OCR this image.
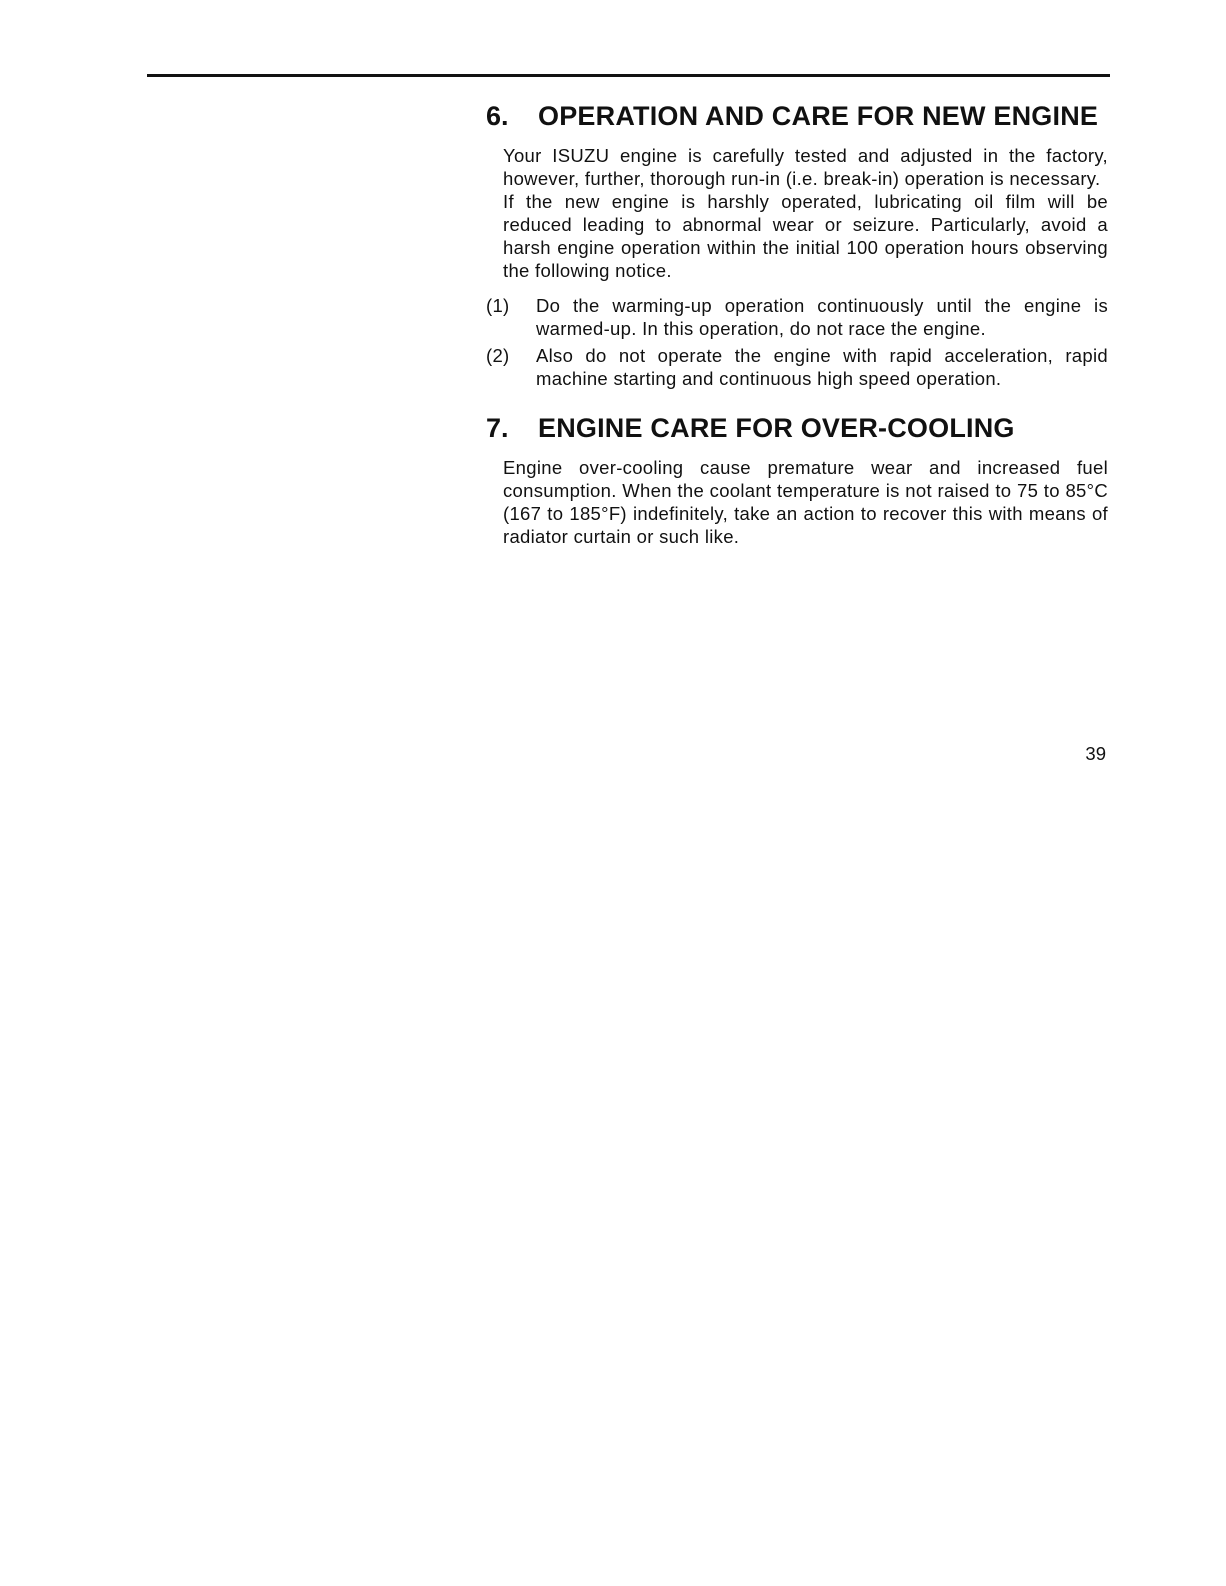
6.	OPERATION AND CARE FOR NEW ENGINE

Your ISUZU engine is carefully tested and adjusted in the factory, however, further, thorough run-in (i.e. break-in) operation is necessary.

If the new engine is harshly operated, lubricating oil film will be reduced leading to abnormal wear or seizure. Particularly, avoid a harsh engine operation within the initial 100 operation hours observing the following notice.

(1)	Do the warming-up operation continuously until the engine is warmed-up. In this operation, do not race the engine.
(2)	Also do not operate the engine with rapid acceleration, rapid machine starting and continuous high speed operation.
7.	ENGINE CARE FOR OVER-COOLING

Engine over-cooling cause premature wear and increased fuel consumption. When the coolant temperature is not raised to 75 to 85°C (167 to 185°F) indefinitely, take an action to recover this with means of radiator curtain or such like.

39
